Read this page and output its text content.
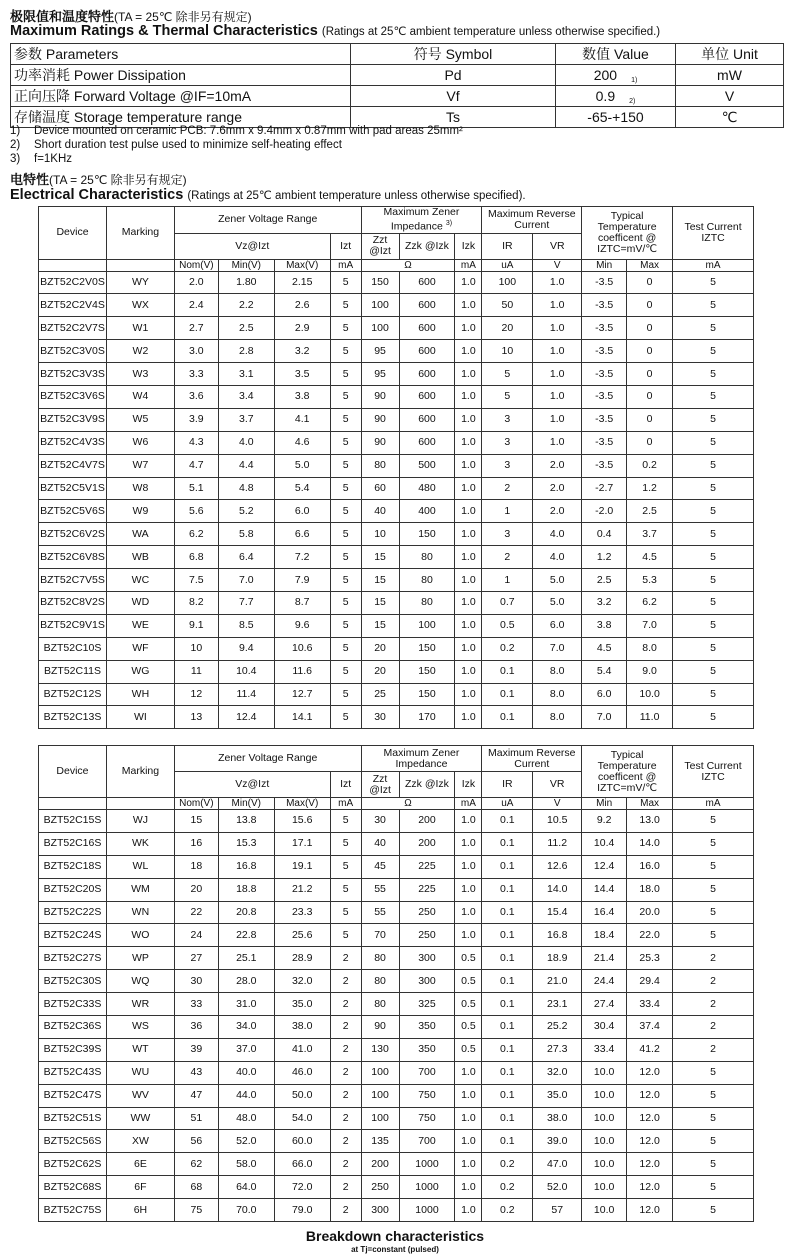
极限值和温度特性(TA = 25℃ 除非另有规定)
Maximum Ratings & Thermal Characteristics (Ratings at 25℃ ambient temperature unless otherwise specified.)
参数 Parameters	符号 Symbol	数值 Value	单位 Unit
功率消耗 Power Dissipation	Pd	200 $_{1)}$	mW
正向压降 Forward Voltage @IF=10mA	Vf	0.9 $_{2)}$	V
存储温度 Storage temperature range	Ts	-65-+150	℃
1)	Device mounted on ceramic PCB: 7.6mm x 9.4mm x 0.87mm with pad areas 25mm²
2)	Short duration test pulse used to minimize self-heating effect
3)	f=1KHz
电特性(TA = 25℃ 除非另有规定)
Electrical Characteristics (Ratings at 25℃ ambient temperature unless otherwise specified).
Device	Marking	Zener Voltage Range				Maximum Zener Impedance $^{3)}$			Maximum Reverse Current		Typical Temperature coefficent @ IZTC=mV/℃		Test Current IZTC
		Vz@Izt			Izt	Zzt @Izt	Zzk @Izk	Izk	IR	VR			
		Nom(V)	Min(V)	Max(V)	mA	Ω		mA	uA	V	Min	Max	mA
BZT52C2V0S	WY	2.0	1.80	2.15	5	150	600	1.0	100	1.0	-3.5	0	5
BZT52C2V4S	WX	2.4	2.2	2.6	5	100	600	1.0	50	1.0	-3.5	0	5
BZT52C2V7S	W1	2.7	2.5	2.9	5	100	600	1.0	20	1.0	-3.5	0	5
BZT52C3V0S	W2	3.0	2.8	3.2	5	95	600	1.0	10	1.0	-3.5	0	5
BZT52C3V3S	W3	3.3	3.1	3.5	5	95	600	1.0	5	1.0	-3.5	0	5
BZT52C3V6S	W4	3.6	3.4	3.8	5	90	600	1.0	5	1.0	-3.5	0	5
BZT52C3V9S	W5	3.9	3.7	4.1	5	90	600	1.0	3	1.0	-3.5	0	5
BZT52C4V3S	W6	4.3	4.0	4.6	5	90	600	1.0	3	1.0	-3.5	0	5
BZT52C4V7S	W7	4.7	4.4	5.0	5	80	500	1.0	3	2.0	-3.5	0.2	5
BZT52C5V1S	W8	5.1	4.8	5.4	5	60	480	1.0	2	2.0	-2.7	1.2	5
BZT52C5V6S	W9	5.6	5.2	6.0	5	40	400	1.0	1	2.0	-2.0	2.5	5
BZT52C6V2S	WA	6.2	5.8	6.6	5	10	150	1.0	3	4.0	0.4	3.7	5
BZT52C6V8S	WB	6.8	6.4	7.2	5	15	80	1.0	2	4.0	1.2	4.5	5
BZT52C7V5S	WC	7.5	7.0	7.9	5	15	80	1.0	1	5.0	2.5	5.3	5
BZT52C8V2S	WD	8.2	7.7	8.7	5	15	80	1.0	0.7	5.0	3.2	6.2	5
BZT52C9V1S	WE	9.1	8.5	9.6	5	15	100	1.0	0.5	6.0	3.8	7.0	5
BZT52C10S	WF	10	9.4	10.6	5	20	150	1.0	0.2	7.0	4.5	8.0	5
BZT52C11S	WG	11	10.4	11.6	5	20	150	1.0	0.1	8.0	5.4	9.0	5
BZT52C12S	WH	12	11.4	12.7	5	25	150	1.0	0.1	8.0	6.0	10.0	5
BZT52C13S	WI	13	12.4	14.1	5	30	170	1.0	0.1	8.0	7.0	11.0	5
Device	Marking	Zener Voltage Range				Maximum Zener Impedance			Maximum Reverse Current		Typical Temperature coefficent @ IZTC=mV/℃		Test Current IZTC
		Vz@Izt			Izt	Zzt @Izt	Zzk @Izk	Izk	IR	VR			
		Nom(V)	Min(V)	Max(V)	mA	Ω		mA	uA	V	Min	Max	mA
BZT52C15S	WJ	15	13.8	15.6	5	30	200	1.0	0.1	10.5	9.2	13.0	5
BZT52C16S	WK	16	15.3	17.1	5	40	200	1.0	0.1	11.2	10.4	14.0	5
BZT52C18S	WL	18	16.8	19.1	5	45	225	1.0	0.1	12.6	12.4	16.0	5
BZT52C20S	WM	20	18.8	21.2	5	55	225	1.0	0.1	14.0	14.4	18.0	5
BZT52C22S	WN	22	20.8	23.3	5	55	250	1.0	0.1	15.4	16.4	20.0	5
BZT52C24S	WO	24	22.8	25.6	5	70	250	1.0	0.1	16.8	18.4	22.0	5
BZT52C27S	WP	27	25.1	28.9	2	80	300	0.5	0.1	18.9	21.4	25.3	2
BZT52C30S	WQ	30	28.0	32.0	2	80	300	0.5	0.1	21.0	24.4	29.4	2
BZT52C33S	WR	33	31.0	35.0	2	80	325	0.5	0.1	23.1	27.4	33.4	2
BZT52C36S	WS	36	34.0	38.0	2	90	350	0.5	0.1	25.2	30.4	37.4	2
BZT52C39S	WT	39	37.0	41.0	2	130	350	0.5	0.1	27.3	33.4	41.2	2
BZT52C43S	WU	43	40.0	46.0	2	100	700	1.0	0.1	32.0	10.0	12.0	5
BZT52C47S	WV	47	44.0	50.0	2	100	750	1.0	0.1	35.0	10.0	12.0	5
BZT52C51S	WW	51	48.0	54.0	2	100	750	1.0	0.1	38.0	10.0	12.0	5
BZT52C56S	XW	56	52.0	60.0	2	135	700	1.0	0.1	39.0	10.0	12.0	5
BZT52C62S	6E	62	58.0	66.0	2	200	1000	1.0	0.2	47.0	10.0	12.0	5
BZT52C68S	6F	68	64.0	72.0	2	250	1000	1.0	0.2	52.0	10.0	12.0	5
BZT52C75S	6H	75	70.0	79.0	2	300	1000	1.0	0.2	57	10.0	12.0	5
Breakdown characteristics
at Tj=constant (pulsed)
